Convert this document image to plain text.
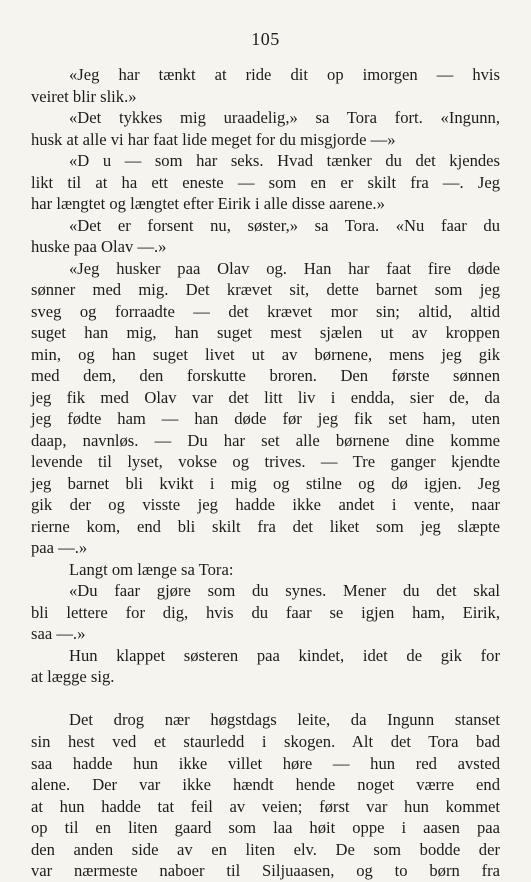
105
«Jeg har tænkt at ride dit op imorgen — hvis
veiret blir slik.»
«Det tykkes mig uraadelig,» sa Tora fort. «Ingunn,
husk at alle vi har faat lide meget for du misgjorde —»
«D u — som har seks. Hvad tænker du det kjendes
likt til at ha ett eneste — som en er skilt fra —. Jeg
har længtet og længtet efter Eirik i alle disse aarene.»
«Det er forsent nu, søster,» sa Tora. «Nu faar du
huske paa Olav —.»
«Jeg husker paa Olav og. Han har faat fire døde
sønner med mig. Det krævet sit, dette barnet som jeg
sveg og forraadte — det krævet mor sin; altid, altid
suget han mig, han suget mest sjælen ut av kroppen
min, og han suget livet ut av børnene, mens jeg gik
med dem, den forskutte broren. Den første sønnen
jeg fik med Olav var det litt liv i endda, sier de, da
jeg fødte ham — han døde før jeg fik set ham, uten
daap, navnløs. — Du har set alle børnene dine komme
levende til lyset, vokse og trives. — Tre ganger kjendte
jeg barnet bli kvikt i mig og stilne og dø igjen. Jeg
gik der og visste jeg hadde ikke andet i vente, naar
rierne kom, end bli skilt fra det liket som jeg slæpte
paa —.»
Langt om længe sa Tora:
«Du faar gjøre som du synes. Mener du det skal
bli lettere for dig, hvis du faar se igjen ham, Eirik,
saa —.»
Hun klappet søsteren paa kindet, idet de gik for
at lægge sig.
Det drog nær høgstdags leite, da Ingunn stanset
sin hest ved et staurledd i skogen. Alt det Tora bad
saa hadde hun ikke villet høre — hun red avsted
alene. Der var ikke hændt hende noget værre end
at hun hadde tat feil av veien; først var hun kommet
op til en liten gaard som laa høit oppe i aasen paa
den anden side av en liten elv. De som bodde der
var nærmeste naboer til Siljuaasen, og to børn fra
